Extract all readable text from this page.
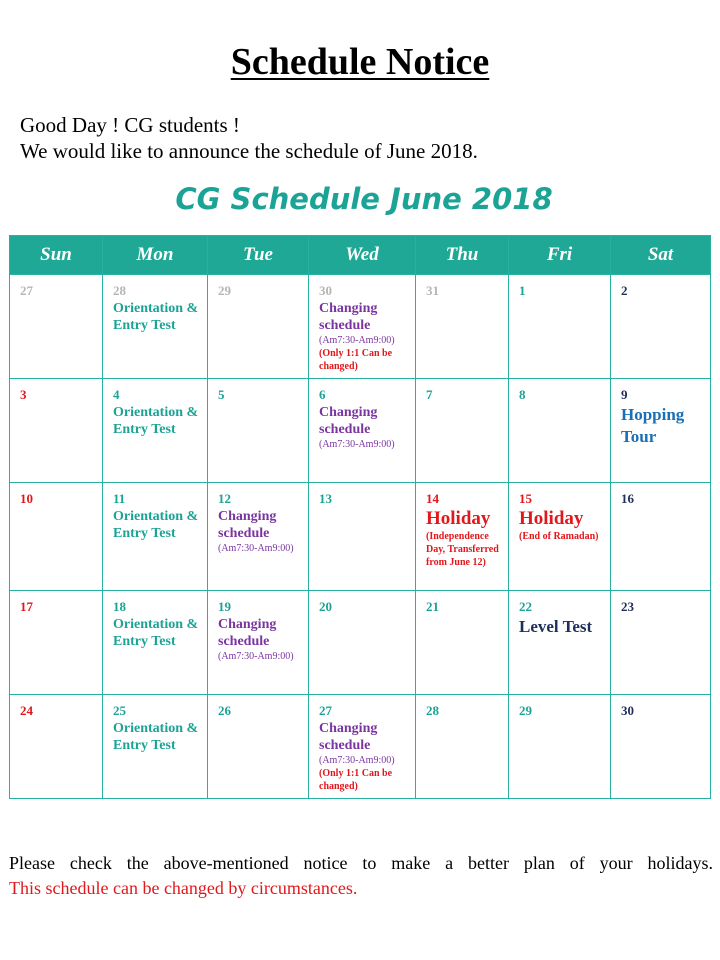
Schedule Notice
Good Day ! CG students !
We would like to announce the schedule of June 2018.
CG Schedule June 2018
Sun	Mon	Tue	Wed	Thu	Fri	Sat

27	28
Orientation & Entry Test	29	30
Changing schedule
(Am7:30-Am9:00)
(Only 1:1 Can be changed)	31	1	2

3	4
Orientation & Entry Test	5	6
Changing schedule
(Am7:30-Am9:00)	7	8	9
Hopping Tour

10	11
Orientation & Entry Test	12
Changing schedule
(Am7:30-Am9:00)	13	14
Holiday
(Independence Day, Transferred from June 12)	15
Holiday
(End of Ramadan)	16

17	18
Orientation & Entry Test	19
Changing schedule
(Am7:30-Am9:00)	20	21	22
Level Test	23

24	25
Orientation & Entry Test	26	27
Changing schedule
(Am7:30-Am9:00)
(Only 1:1 Can be changed)	28	29	30
Please check the above-mentioned notice to make a better plan of your holidays.
This schedule can be changed by circumstances.
